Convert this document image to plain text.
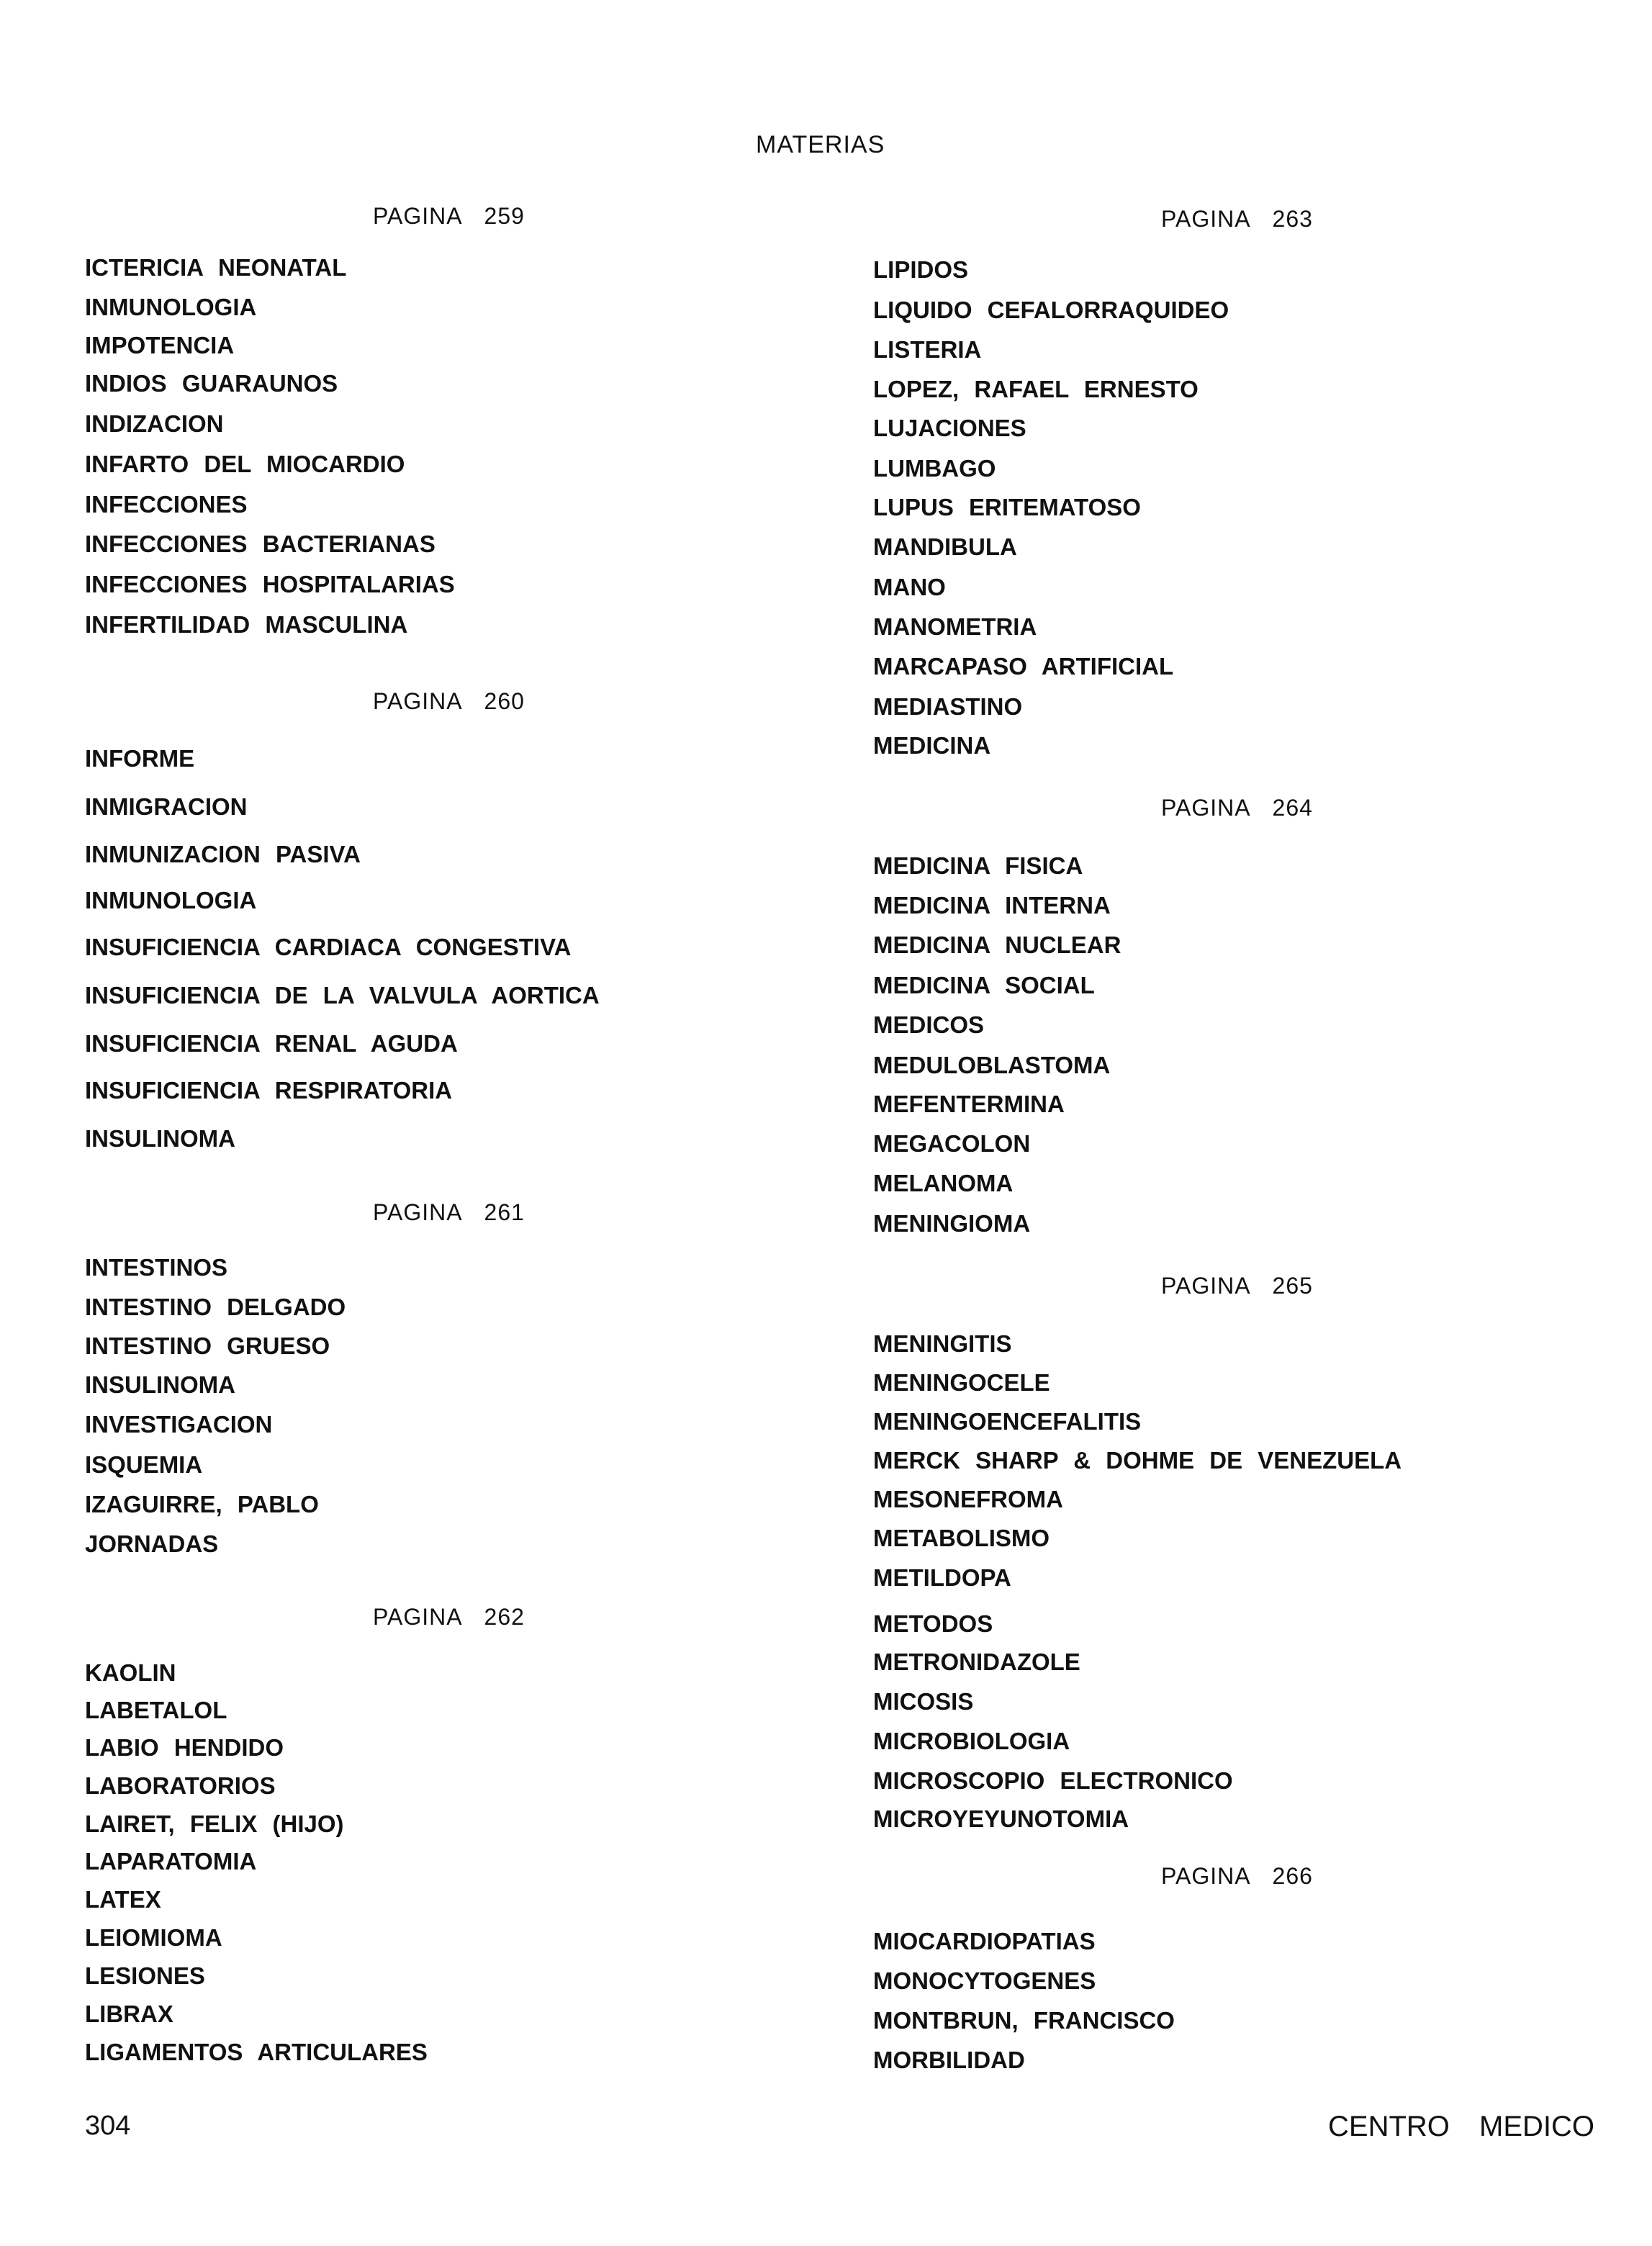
MATERIAS
PAGINA 259
ICTERICIA NEONATAL
INMUNOLOGIA
IMPOTENCIA
INDIOS GUARAUNOS
INDIZACION
INFARTO DEL MIOCARDIO
INFECCIONES
INFECCIONES BACTERIANAS
INFECCIONES HOSPITALARIAS
INFERTILIDAD MASCULINA
PAGINA 260
INFORME
INMIGRACION
INMUNIZACION PASIVA
INMUNOLOGIA
INSUFICIENCIA CARDIACA CONGESTIVA
INSUFICIENCIA DE LA VALVULA AORTICA
INSUFICIENCIA RENAL AGUDA
INSUFICIENCIA RESPIRATORIA
INSULINOMA
PAGINA 261
INTESTINOS
INTESTINO DELGADO
INTESTINO GRUESO
INSULINOMA
INVESTIGACION
ISQUEMIA
IZAGUIRRE, PABLO
JORNADAS
PAGINA 262
KAOLIN
LABETALOL
LABIO HENDIDO
LABORATORIOS
LAIRET, FELIX (HIJO)
LAPARATOMIA
LATEX
LEIOMIOMA
LESIONES
LIBRAX
LIGAMENTOS ARTICULARES
PAGINA 263
LIPIDOS
LIQUIDO CEFALORRAQUIDEO
LISTERIA
LOPEZ, RAFAEL ERNESTO
LUJACIONES
LUMBAGO
LUPUS ERITEMATOSO
MANDIBULA
MANO
MANOMETRIA
MARCAPASO ARTIFICIAL
MEDIASTINO
MEDICINA
PAGINA 264
MEDICINA FISICA
MEDICINA INTERNA
MEDICINA NUCLEAR
MEDICINA SOCIAL
MEDICOS
MEDULOBLASTOMA
MEFENTERMINA
MEGACOLON
MELANOMA
MENINGIOMA
PAGINA 265
MENINGITIS
MENINGOCELE
MENINGOENCEFALITIS
MERCK SHARP & DOHME DE VENEZUELA
MESONEFROMA
METABOLISMO
METILDOPA
METODOS
METRONIDAZOLE
MICOSIS
MICROBIOLOGIA
MICROSCOPIO ELECTRONICO
MICROYEYUNOTOMIA
PAGINA 266
MIOCARDIOPATIAS
MONOCYTOGENES
MONTBRUN, FRANCISCO
MORBILIDAD
304	CENTRO MEDICO
